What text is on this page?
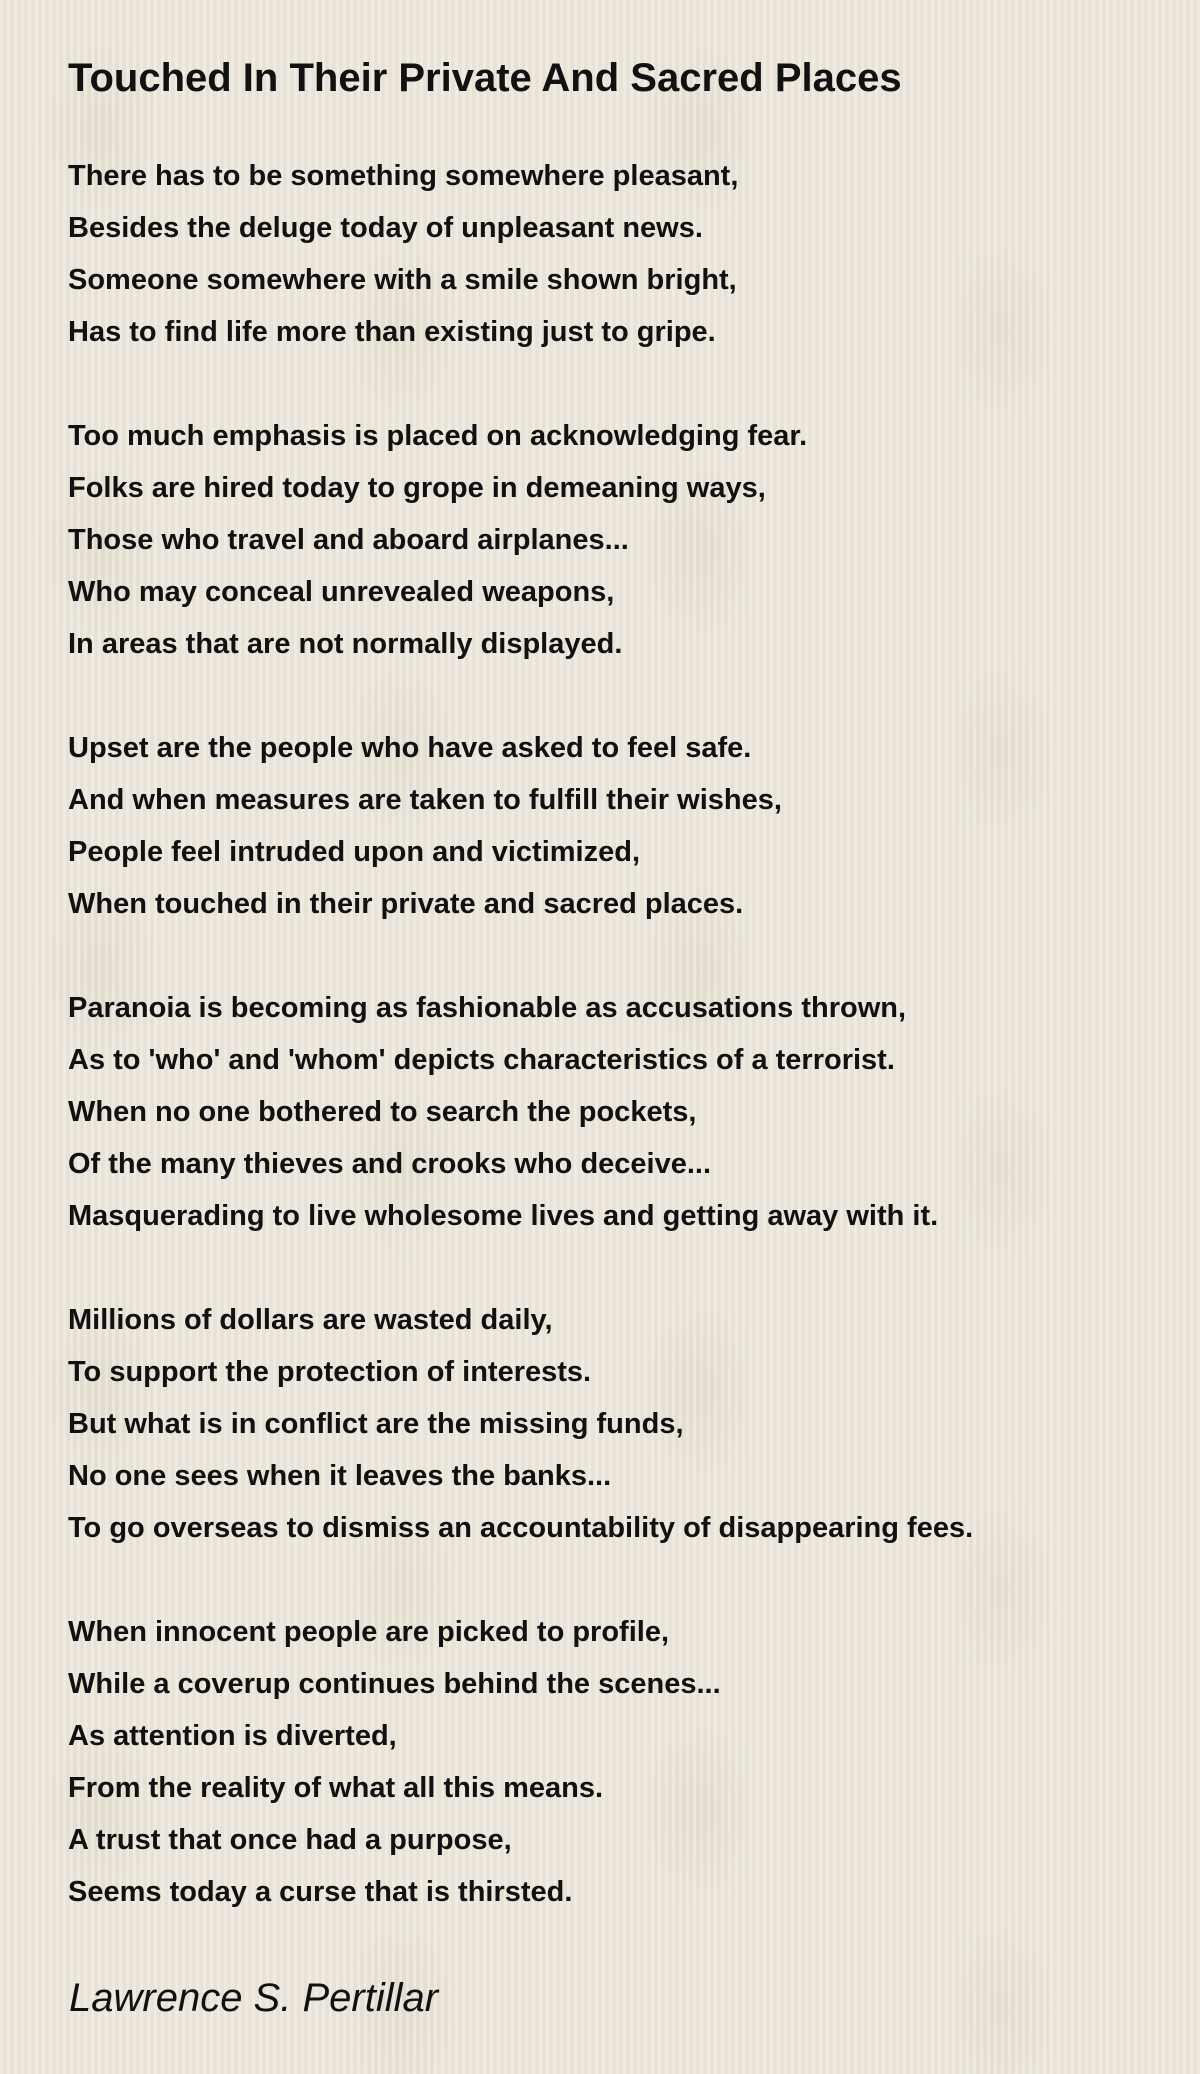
Touched In Their Private And Sacred Places
There has to be something somewhere pleasant,
Besides the deluge today of unpleasant news.
Someone somewhere with a smile shown bright,
Has to find life more than existing just to gripe.
Too much emphasis is placed on acknowledging fear.
Folks are hired today to grope in demeaning ways,
Those who travel and aboard airplanes...
Who may conceal unrevealed weapons,
In areas that are not normally displayed.
Upset are the people who have asked to feel safe.
And when measures are taken to fulfill their wishes,
People feel intruded upon and victimized,
When touched in their private and sacred places.
Paranoia is becoming as fashionable as accusations thrown,
As to 'who' and 'whom' depicts characteristics of a terrorist.
When no one bothered to search the pockets,
Of the many thieves and crooks who deceive...
Masquerading to live wholesome lives and getting away with it.
Millions of dollars are wasted daily,
To support the protection of interests.
But what is in conflict are the missing funds,
No one sees when it leaves the banks...
To go overseas to dismiss an accountability of disappearing fees.
When innocent people are picked to profile,
While a coverup continues behind the scenes...
As attention is diverted,
From the reality of what all this means.
A trust that once had a purpose,
Seems today a curse that is thirsted.

Lawrence S. Pertillar
